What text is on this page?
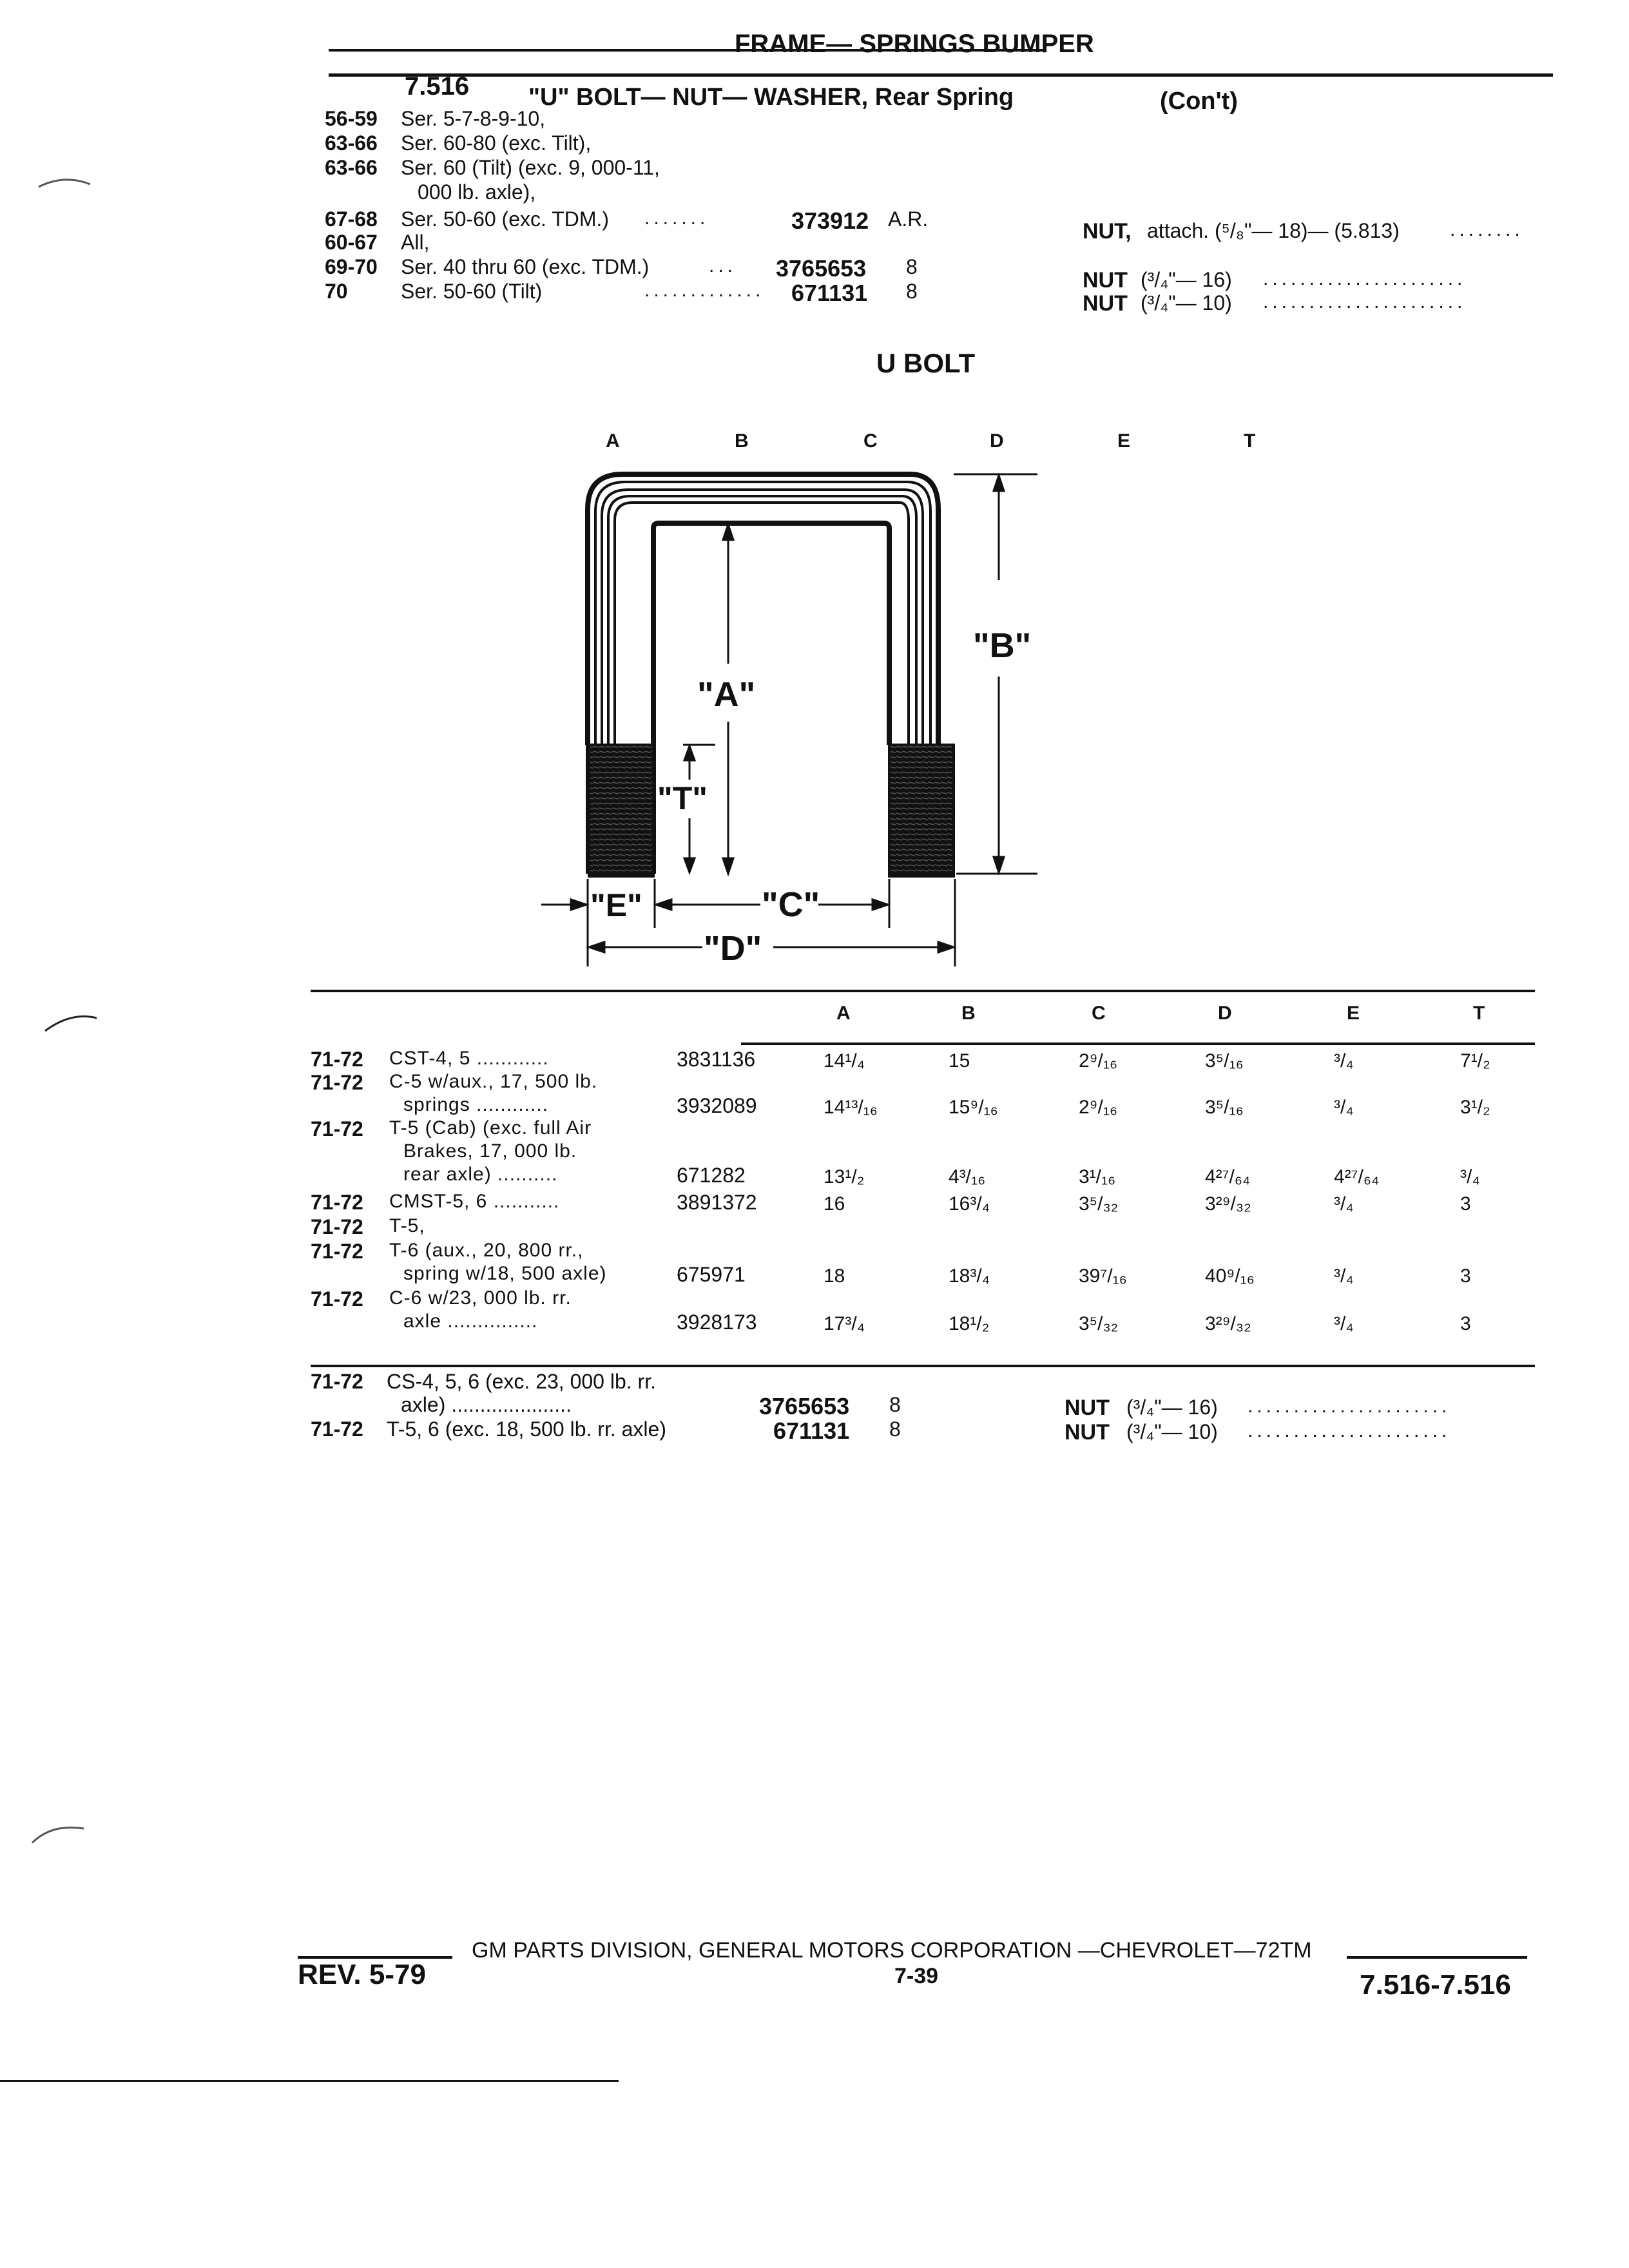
FRAME— SPRINGS BUMPER
7.516 "U" BOLT— NUT— WASHER, Rear Spring	(Con't)
56-59 Ser. 5-7-8-9-10,
63-66 Ser. 60-80 (exc. Tilt),
63-66 Ser. 60 (Tilt) (exc. 9, 000-11,
000 lb. axle),
67-68 Ser. 50-60 (exc. TDM.) .......	373912 A.R.
60-67 All,
69-70 Ser. 40 thru 60 (exc. TDM.)	... 3765653 8
70	Ser. 50-60 (Tilt)	............. 671131 8
NUT, attach. (⁵/₈"— 18)— (5.813)	........
NUT (³/₄"— 16) ......................
NUT (³/₄"— 10) ......................
U BOLT
A	B	C	D	E	T
"A"
"B"
"T"
"C"
"E"
"D"
A	B	C	D	E	T
71-72 CST-4, 5 ............	3831136	14¹/₄	15	2⁹/₁₆	3⁵/₁₆	³/₄	7¹/₂
71-72 C-5 w/aux., 17, 500 lb.
springs ............	3932089	14¹³/₁₆	15⁹/₁₆	2⁹/₁₆	3⁵/₁₆	³/₄	3¹/₂
71-72 T-5 (Cab) (exc. full Air
Brakes, 17, 000 lb.
rear axle) ..........	671282	13¹/₂	4³/₁₆	3¹/₁₆	4²⁷/₆₄	4²⁷/₆₄	³/₄
71-72 CMST-5, 6 ...........	3891372	16	16³/₄	3⁵/₃₂	3²⁹/₃₂	³/₄	3
71-72 T-5,
71-72 T-6 (aux., 20, 800 rr.,
spring w/18, 500 axle)	675971	18	18³/₄	39⁷/₁₆	40⁹/₁₆	³/₄	3
71-72 C-6 w/23, 000 lb. rr.
axle ...............	3928173	17³/₄	18¹/₂	3⁵/₃₂	3²⁹/₃₂	³/₄	3
71-72 CS-4, 5, 6 (exc. 23, 000 lb. rr.
axle) .....................	3765653 8
71-72 T-5, 6 (exc. 18, 500 lb. rr. axle)	671131 8
NUT (³/₄"— 16) ......................
NUT (³/₄"— 10) ......................
GM PARTS DIVISION, GENERAL MOTORS CORPORATION —CHEVROLET—72TM
REV. 5-79	7-39	7.516-7.516
